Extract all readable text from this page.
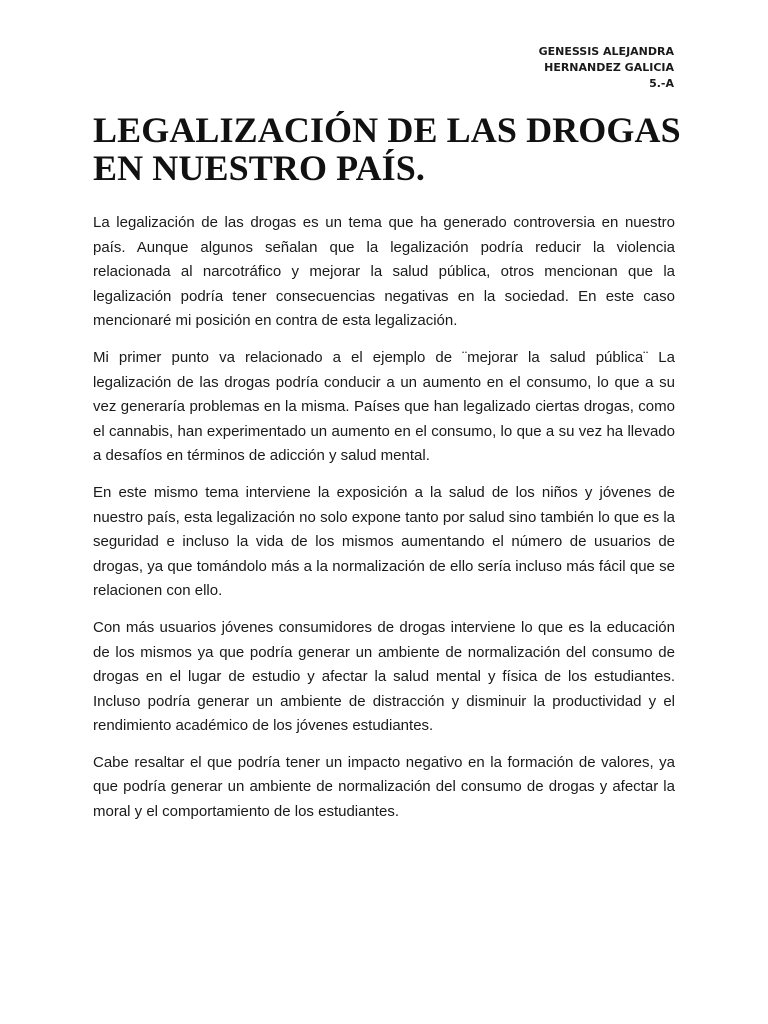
GENESSIS ALEJANDRA
HERNANDEZ GALICIA
5.-A
LEGALIZACIÓN DE LAS DROGAS
EN NUESTRO PAÍS.

La legalización de las drogas es un tema que ha generado controversia en nuestro país. Aunque algunos señalan que la legalización podría reducir la violencia relacionada al narcotráfico y mejorar la salud pública, otros mencionan que la legalización podría tener consecuencias negativas en la sociedad. En este caso mencionaré mi posición en contra de esta legalización.

Mi primer punto va relacionado a el ejemplo de ¨mejorar la salud pública¨ La legalización de las drogas podría conducir a un aumento en el consumo, lo que a su vez generaría problemas en la misma. Países que han legalizado ciertas drogas, como el cannabis, han experimentado un aumento en el consumo, lo que a su vez ha llevado a desafíos en términos de adicción y salud mental.

En este mismo tema interviene la exposición a la salud de los niños y jóvenes de nuestro país, esta legalización no solo expone tanto por salud sino también lo que es la seguridad e incluso la vida de los mismos aumentando el número de usuarios de drogas, ya que tomándolo más a la normalización de ello sería incluso más fácil que se relacionen con ello.

Con más usuarios jóvenes consumidores de drogas interviene lo que es la educación de los mismos ya que podría generar un ambiente de normalización del consumo de drogas en el lugar de estudio y afectar la salud mental y física de los estudiantes. Incluso podría generar un ambiente de distracción y disminuir la productividad y el rendimiento académico de los jóvenes estudiantes.

Cabe resaltar el que podría tener un impacto negativo en la formación de valores, ya que podría generar un ambiente de normalización del consumo de drogas y afectar la moral y el comportamiento de los estudiantes.
